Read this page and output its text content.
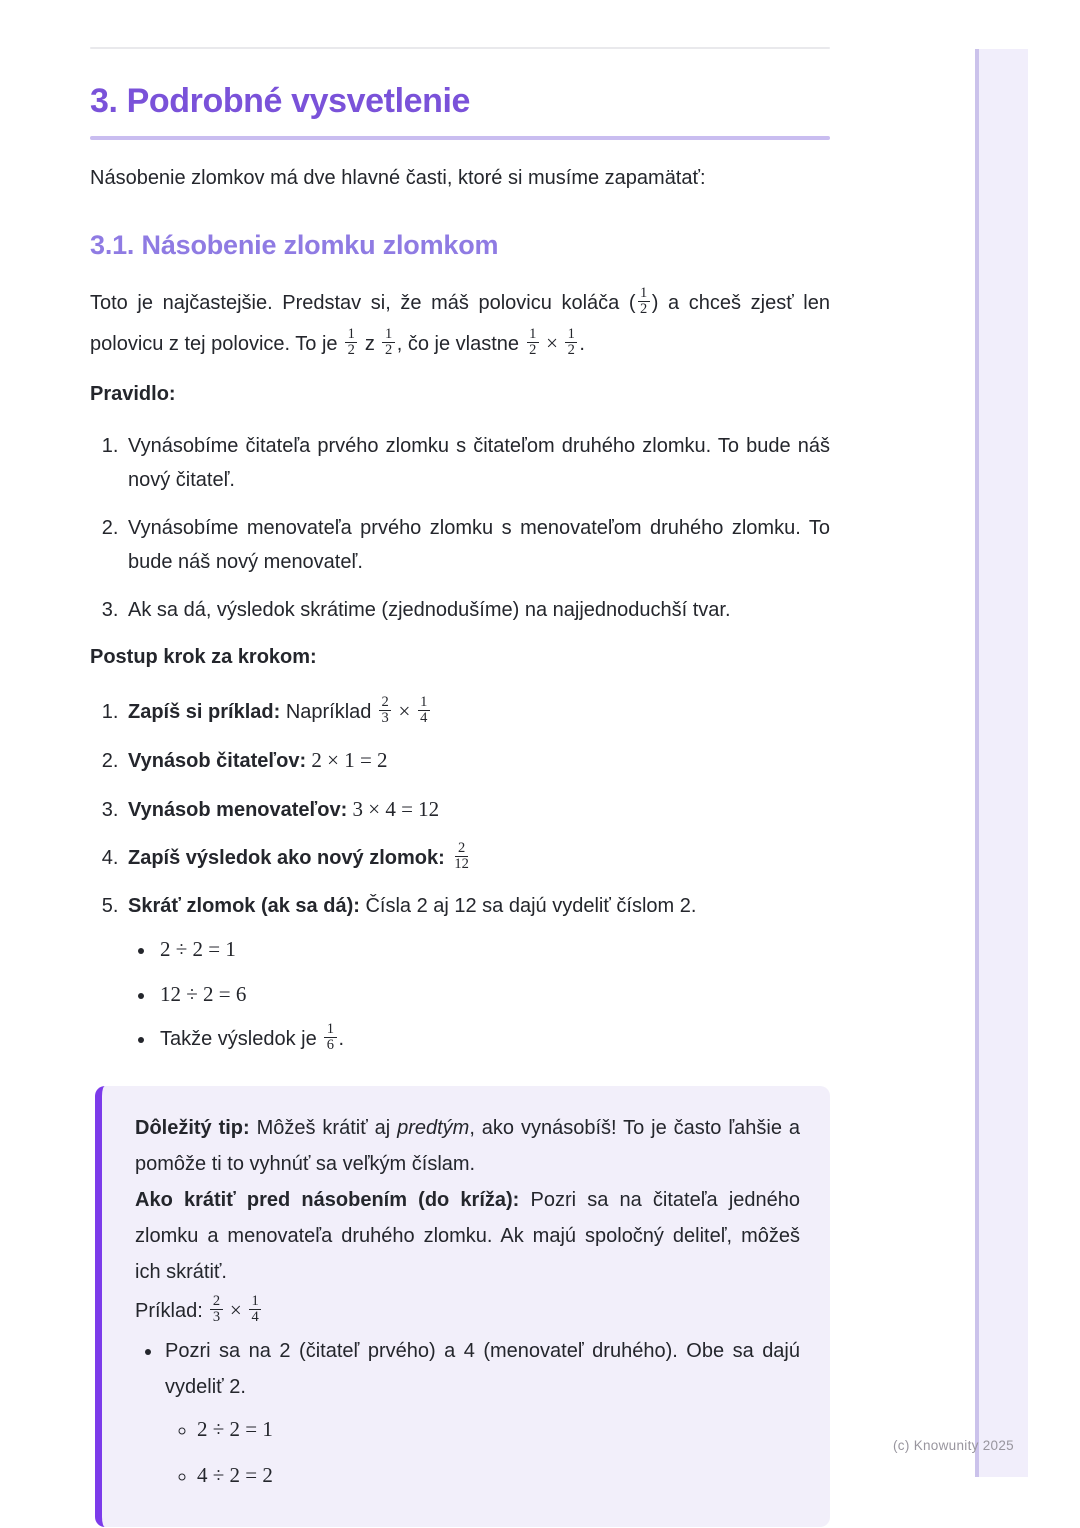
3. Podrobné vysvetlenie

Násobenie zlomkov má dve hlavné časti, ktoré si musíme zapamätať:

3.1. Násobenie zlomku zlomkom

Toto je najčastejšie. Predstav si, že máš polovicu koláča ( $\frac{1}{2}$ ) a chceš zjesť len polovicu z tej polovice. To je $\frac{1}{2}$ z $\frac{1}{2}$ , čo je vlastne $\frac{1}{2} \times \frac{1}{2}$ .

Pravidlo:

1. Vynásobíme čitateľa prvého zlomku s čitateľom druhého zlomku. To bude náš nový čitateľ.
2. Vynásobíme menovateľa prvého zlomku s menovateľom druhého zlomku. To bude náš nový menovateľ.
3. Ak sa dá, výsledok skrátime (zjednodušíme) na najjednoduchší tvar.

Postup krok za krokom:

1. Zapíš si príklad: Napríklad $\frac{2}{3} \times \frac{1}{4}$
2. Vynásob čitateľov: 2 × 1 = 2
3. Vynásob menovateľov: 3 × 4 = 12
4. Zapíš výsledok ako nový zlomok: $\frac{2}{12}$
5. Skráť zlomok (ak sa dá): Čísla 2 aj 12 sa dajú vydeliť číslom 2.
• 2 ÷ 2 = 1
• 12 ÷ 2 = 6
• Takže výsledok je $\frac{1}{6}$ .

Dôležitý tip: Môžeš krátiť aj predtým, ako vynásobíš! To je často ľahšie a pomôže ti to vyhnúť sa veľkým číslam.

Ako krátiť pred násobením (do kríža): Pozri sa na čitateľa jedného zlomku a menovateľa druhého zlomku. Ak majú spoločný deliteľ, môžeš ich skrátiť.

Príklad: $\frac{2}{3} \times \frac{1}{4}$

• Pozri sa na 2 (čitateľ prvého) a 4 (menovateľ druhého). Obe sa dajú vydeliť 2.
◦ 2 ÷ 2 = 1
◦ 4 ÷ 2 = 2
(c) Knowunity 2025
